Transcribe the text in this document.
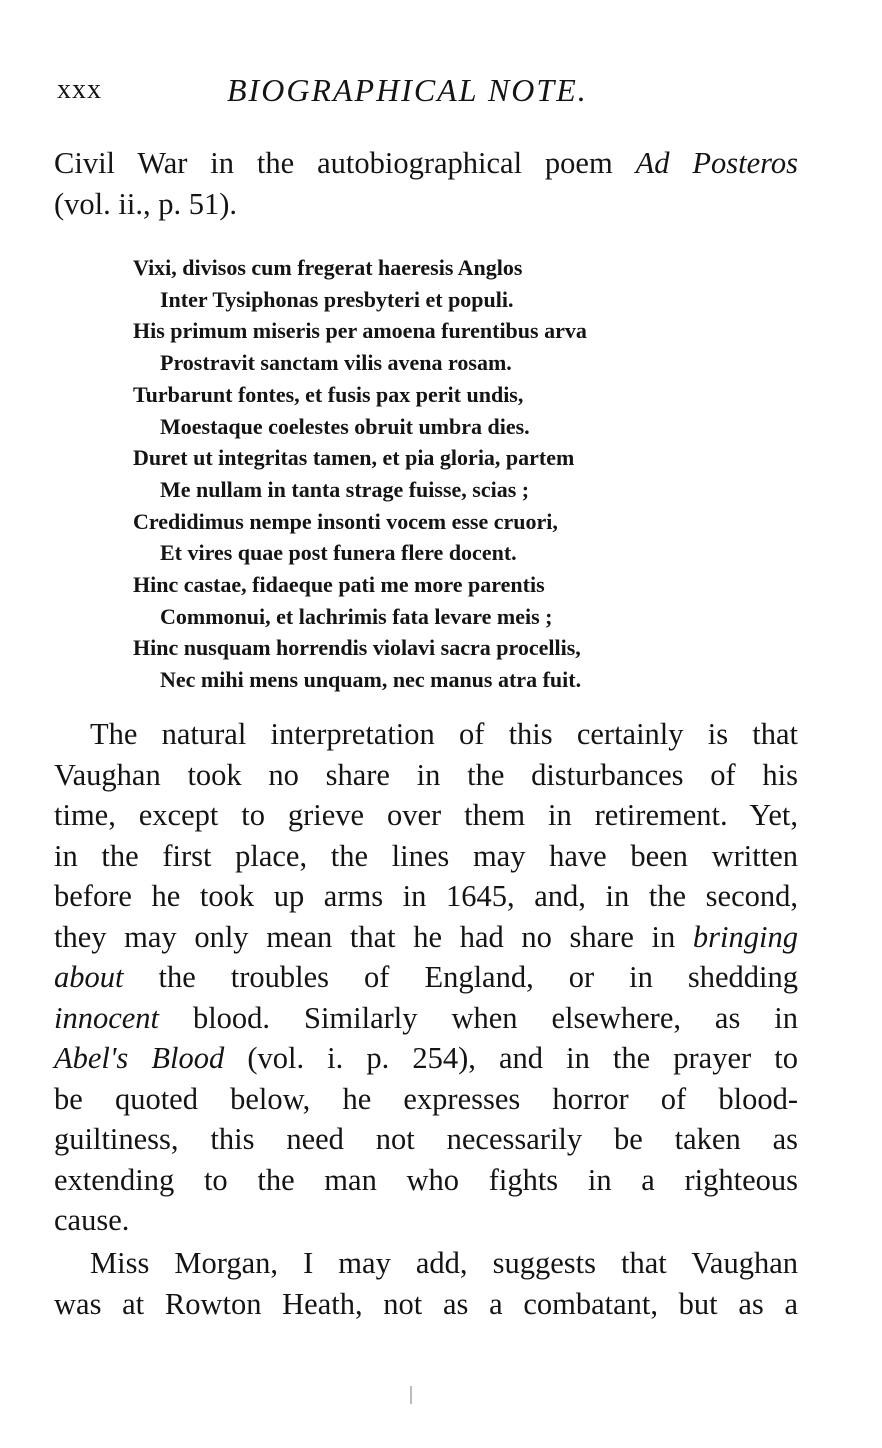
xxx	BIOGRAPHICAL NOTE.
Civil War in the autobiographical poem Ad Posteros
(vol. ii., p. 51).
Vixi, divisos cum fregerat haeresis Anglos
Inter Tysiphonas presbyteri et populi.
His primum miseris per amoena furentibus arva
Prostravit sanctam vilis avena rosam.
Turbarunt fontes, et fusis pax perit undis,
Moestaque coelestes obruit umbra dies.
Duret ut integritas tamen, et pia gloria, partem
Me nullam in tanta strage fuisse, scias ;
Credidimus nempe insonti vocem esse cruori,
Et vires quae post funera flere docent.
Hinc castae, fidaeque pati me more parentis
Commonui, et lachrimis fata levare meis ;
Hinc nusquam horrendis violavi sacra procellis,
Nec mihi mens unquam, nec manus atra fuit.
The natural interpretation of this certainly is that
Vaughan took no share in the disturbances of his
time, except to grieve over them in retirement. Yet,
in the first place, the lines may have been written
before he took up arms in 1645, and, in the second,
they may only mean that he had no share in bringing
about the troubles of England, or in shedding
innocent blood. Similarly when elsewhere, as in
Abel's Blood (vol. i. p. 254), and in the prayer to
be quoted below, he expresses horror of blood-
guiltiness, this need not necessarily be taken as
extending to the man who fights in a righteous
cause.
Miss Morgan, I may add, suggests that Vaughan
was at Rowton Heath, not as a combatant, but as a
